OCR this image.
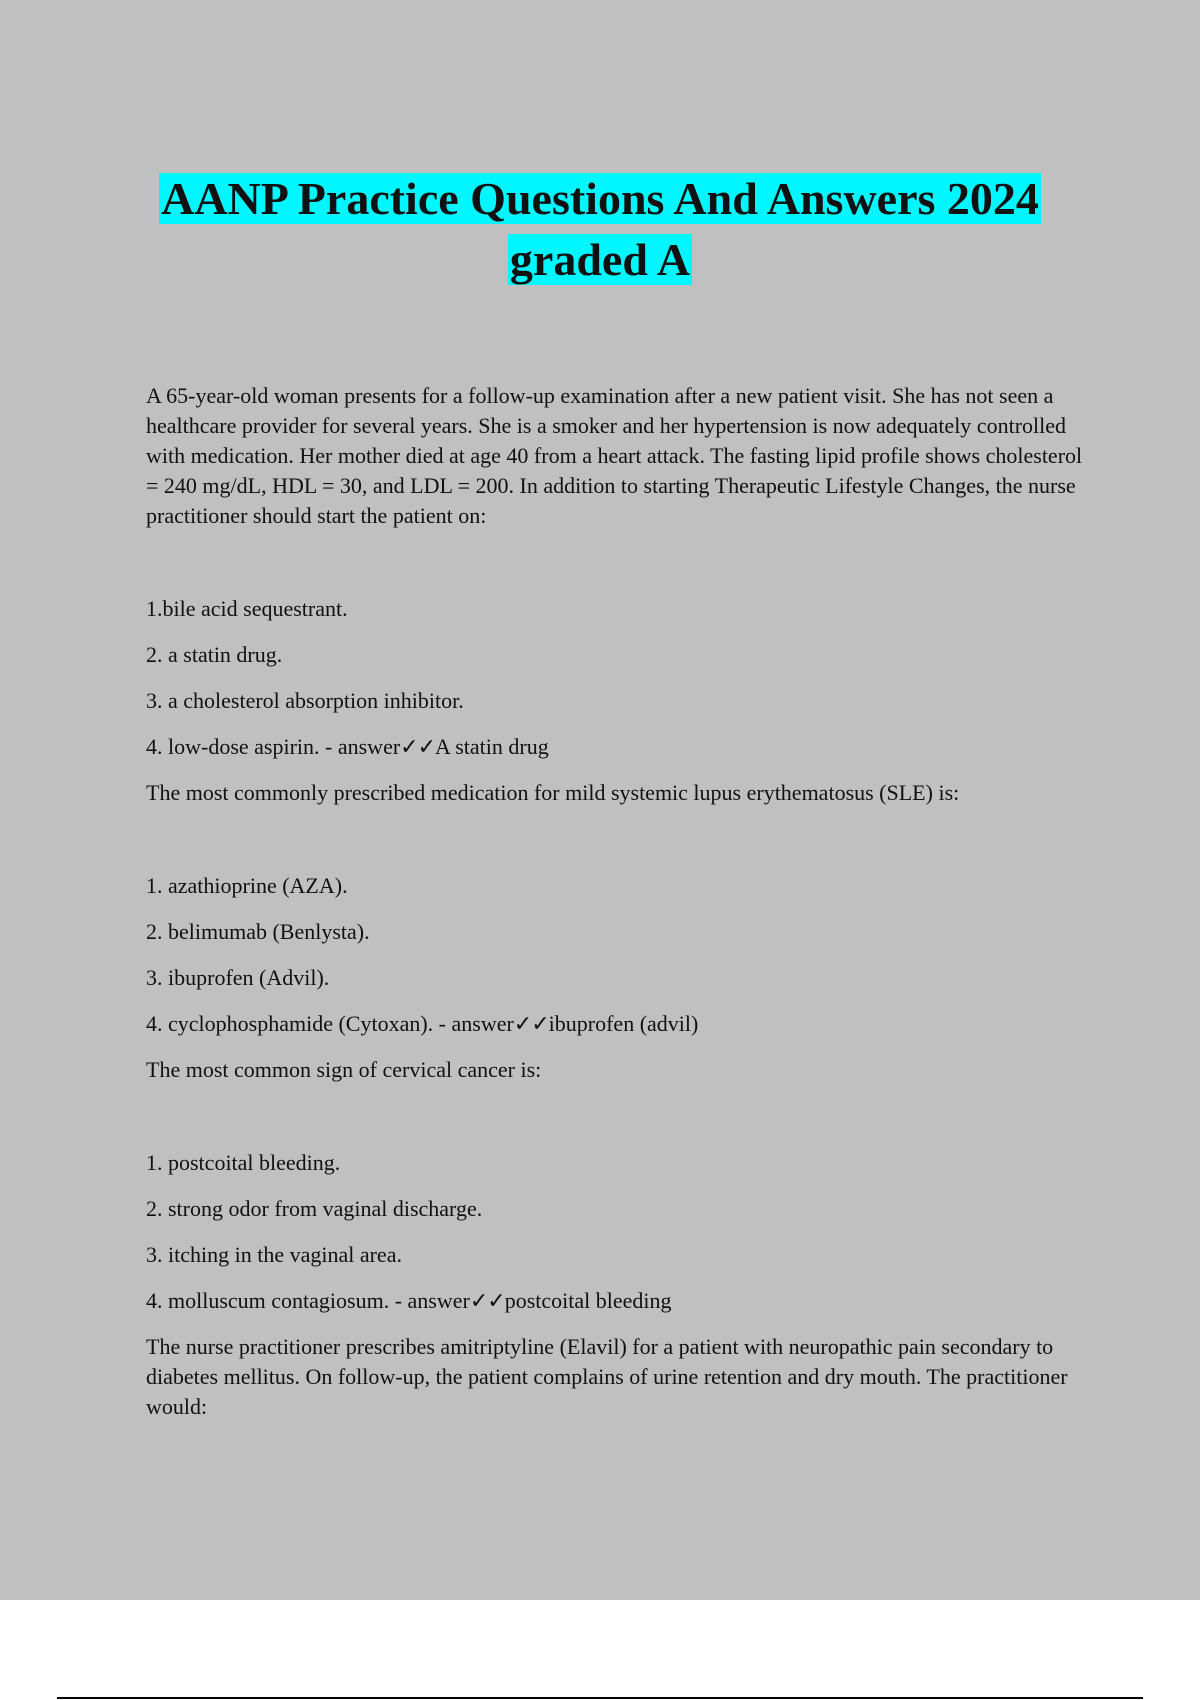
AANP Practice Questions And Answers 2024
graded A

A 65-year-old woman presents for a follow-up examination after a new patient visit. She has not seen a healthcare provider for several years. She is a smoker and her hypertension is now adequately controlled with medication. Her mother died at age 40 from a heart attack. The fasting lipid profile shows cholesterol = 240 mg/dL, HDL = 30, and LDL = 200. In addition to starting Therapeutic Lifestyle Changes, the nurse practitioner should start the patient on:

1.bile acid sequestrant.

2. a statin drug.

3. a cholesterol absorption inhibitor.

4. low-dose aspirin. - answer✓✓A statin drug

The most commonly prescribed medication for mild systemic lupus erythematosus (SLE) is:

1. azathioprine (AZA).

2. belimumab (Benlysta).

3. ibuprofen (Advil).

4. cyclophosphamide (Cytoxan). - answer✓✓ibuprofen (advil)

The most common sign of cervical cancer is:

1. postcoital bleeding.

2. strong odor from vaginal discharge.

3. itching in the vaginal area.

4. molluscum contagiosum. - answer✓✓postcoital bleeding

The nurse practitioner prescribes amitriptyline (Elavil) for a patient with neuropathic pain secondary to diabetes mellitus. On follow-up, the patient complains of urine retention and dry mouth. The practitioner would:
